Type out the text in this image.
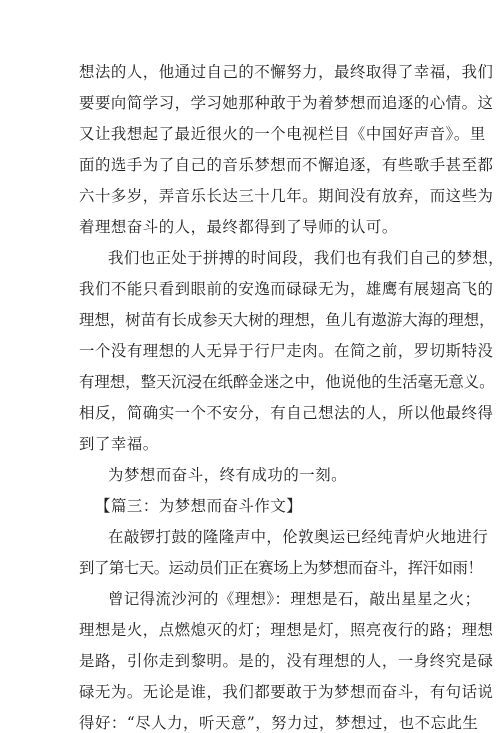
想法的人，他通过自己的不懈努力，最终取得了幸福，我们
要要向简学习，学习她那种敢于为着梦想而追逐的心情。这
又让我想起了最近很火的一个电视栏目《中国好声音》。里
面的选手为了自己的音乐梦想而不懈追逐，有些歌手甚至都
六十多岁，弄音乐长达三十几年。期间没有放弃，而这些为
着理想奋斗的人，最终都得到了导师的认可。
我们也正处于拼搏的时间段，我们也有我们自己的梦想，
我们不能只看到眼前的安逸而碌碌无为，雄鹰有展翅高飞的
理想，树苗有长成参天大树的理想，鱼儿有遨游大海的理想，
一个没有理想的人无异于行尸走肉。在简之前，罗切斯特没
有理想，整天沉浸在纸醉金迷之中，他说他的生活毫无意义。
相反，简确实一个不安分，有自己想法的人，所以他最终得
到了幸福。
为梦想而奋斗，终有成功的一刻。
【篇三：为梦想而奋斗作文】
在敲锣打鼓的隆隆声中，伦敦奥运已经纯青炉火地进行
到了第七天。运动员们正在赛场上为梦想而奋斗，挥汗如雨！
曾记得流沙河的《理想》：理想是石，敲出星星之火；
理想是火，点燃熄灭的灯；理想是灯，照亮夜行的路；理想
是路，引你走到黎明。是的，没有理想的人，一身终究是碌
碌无为。无论是谁，我们都要敢于为梦想而奋斗，有句话说
得好：“尽人力，听天意”，努力过，梦想过，也不忘此生
